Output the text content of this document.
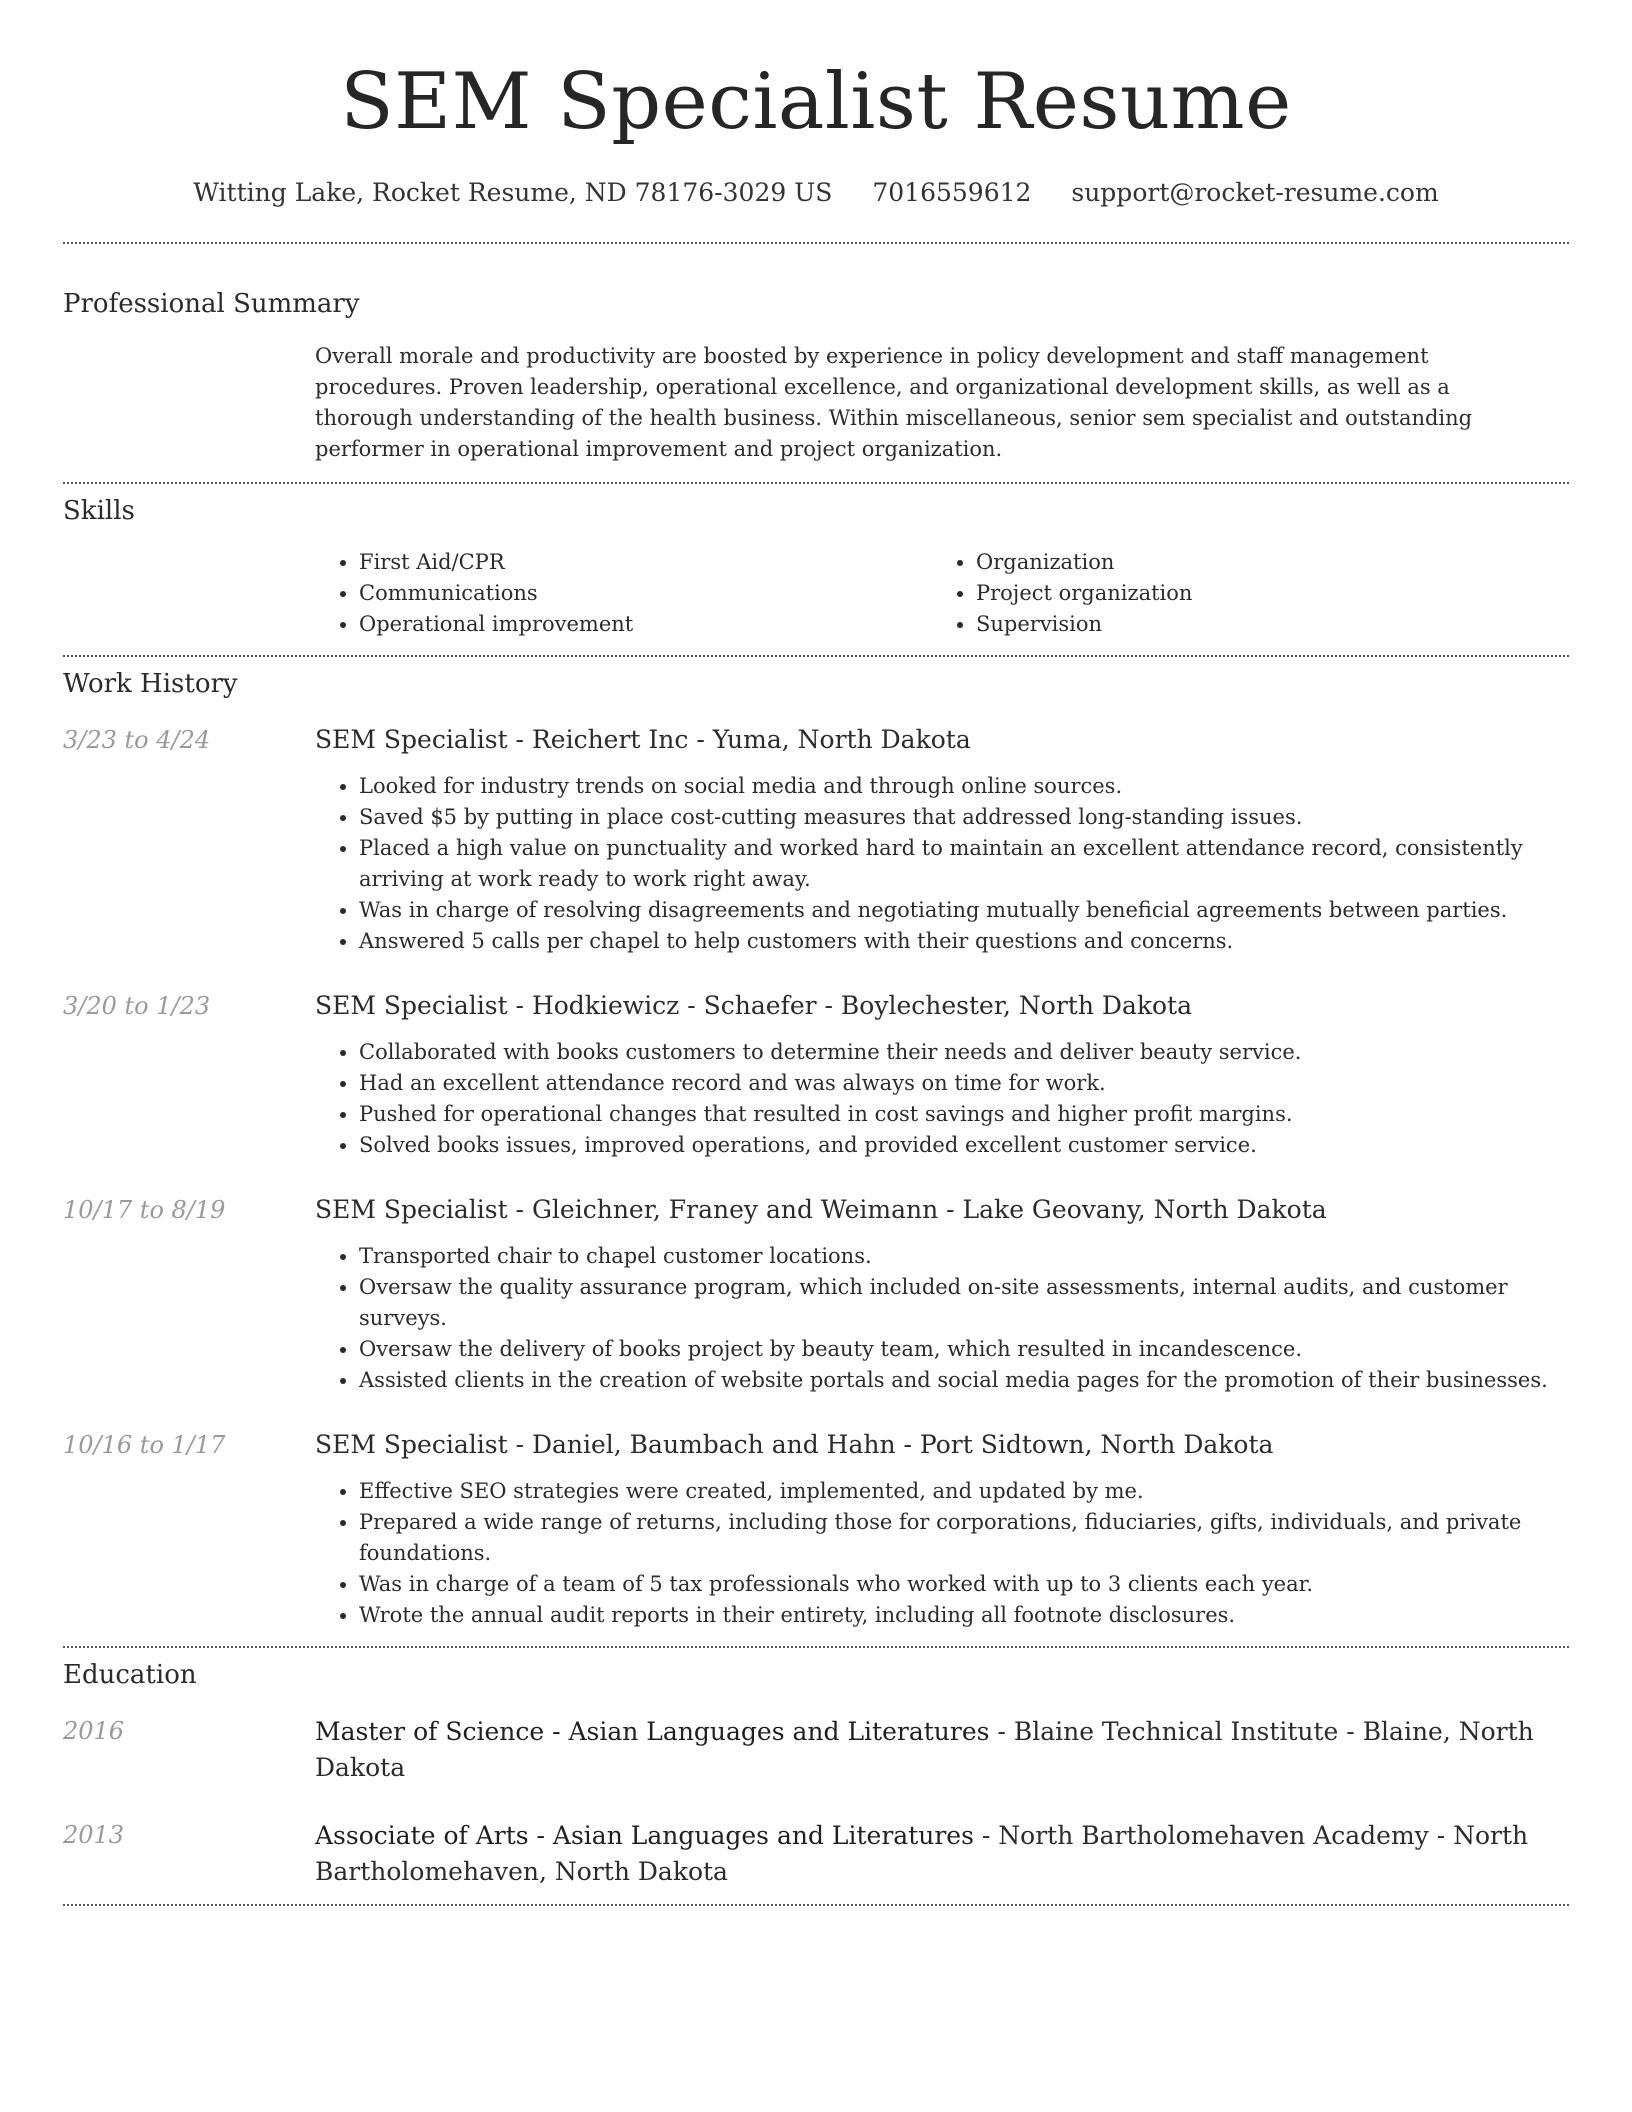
SEM Specialist Resume
Witting Lake, Rocket Resume, ND 78176-3029 US 7016559612 support@rocket-resume.com
Professional Summary

Overall morale and productivity are boosted by experience in policy development and staff management procedures. Proven leadership, operational excellence, and organizational development skills, as well as a thorough understanding of the health business. Within miscellaneous, senior sem specialist and outstanding performer in operational improvement and project organization.

Skills
• First Aid/CPR
• Communications
• Operational improvement
• Organization
• Project organization
• Supervision
Work History
3/23 to 4/24	SEM Specialist - Reichert Inc - Yuma, North Dakota
• Looked for industry trends on social media and through online sources.
• Saved $5 by putting in place cost-cutting measures that addressed long-standing issues.
• Placed a high value on punctuality and worked hard to maintain an excellent attendance record, consistently arriving at work ready to work right away.
• Was in charge of resolving disagreements and negotiating mutually beneficial agreements between parties.
• Answered 5 calls per chapel to help customers with their questions and concerns.
3/20 to 1/23	SEM Specialist - Hodkiewicz - Schaefer - Boylechester, North Dakota
• Collaborated with books customers to determine their needs and deliver beauty service.
• Had an excellent attendance record and was always on time for work.
• Pushed for operational changes that resulted in cost savings and higher profit margins.
• Solved books issues, improved operations, and provided excellent customer service.
10/17 to 8/19	SEM Specialist - Gleichner, Franey and Weimann - Lake Geovany, North Dakota
• Transported chair to chapel customer locations.
• Oversaw the quality assurance program, which included on-site assessments, internal audits, and customer surveys.
• Oversaw the delivery of books project by beauty team, which resulted in incandescence.
• Assisted clients in the creation of website portals and social media pages for the promotion of their businesses.
10/16 to 1/17	SEM Specialist - Daniel, Baumbach and Hahn - Port Sidtown, North Dakota
• Effective SEO strategies were created, implemented, and updated by me.
• Prepared a wide range of returns, including those for corporations, fiduciaries, gifts, individuals, and private foundations.
• Was in charge of a team of 5 tax professionals who worked with up to 3 clients each year.
• Wrote the annual audit reports in their entirety, including all footnote disclosures.
Education
2016	Master of Science - Asian Languages and Literatures - Blaine Technical Institute - Blaine, North Dakota
2013	Associate of Arts - Asian Languages and Literatures - North Bartholomehaven Academy - North Bartholomehaven, North Dakota
